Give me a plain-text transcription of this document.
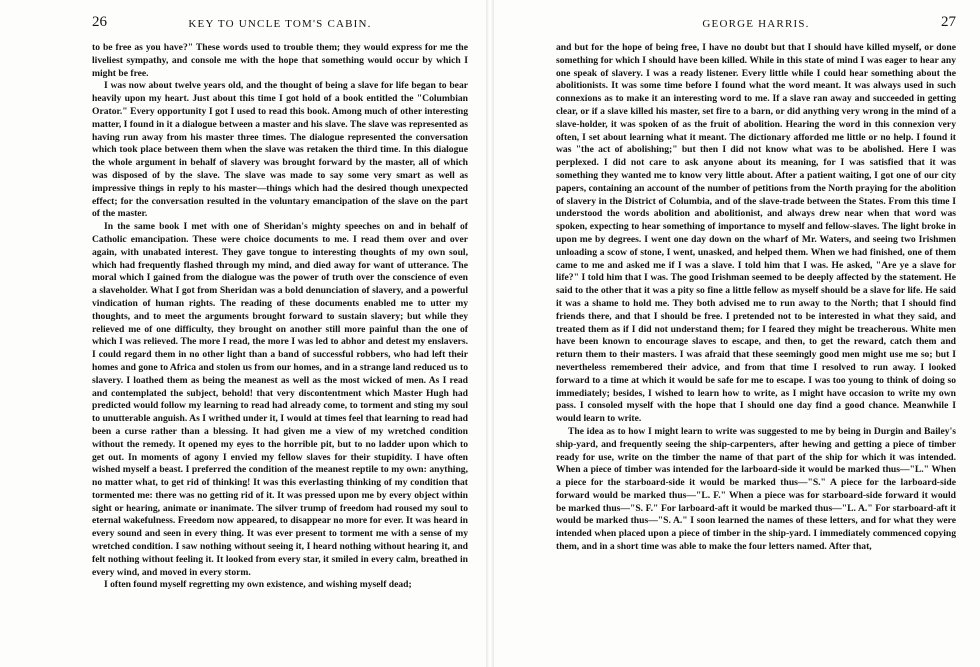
26	KEY TO UNCLE TOM'S CABIN.

to be free as you have?" These words used to trouble them; they would express for me the liveliest sympathy, and console me with the hope that something would occur by which I might be free.

I was now about twelve years old, and the thought of being a slave for life began to bear heavily upon my heart. Just about this time I got hold of a book entitled the "Columbian Orator." Every opportunity I got I used to read this book. Among much of other interesting matter, I found in it a dialogue between a master and his slave. The slave was represented as having run away from his master three times. The dialogue represented the conversation which took place between them when the slave was retaken the third time. In this dialogue the whole argument in behalf of slavery was brought forward by the master, all of which was disposed of by the slave. The slave was made to say some very smart as well as impressive things in reply to his master—things which had the desired though unexpected effect; for the conversation resulted in the voluntary emancipation of the slave on the part of the master.

In the same book I met with one of Sheridan's mighty speeches on and in behalf of Catholic emancipation. These were choice documents to me. I read them over and over again, with unabated interest. They gave tongue to interesting thoughts of my own soul, which had frequently flashed through my mind, and died away for want of utterance. The moral which I gained from the dialogue was the power of truth over the conscience of even a slaveholder. What I got from Sheridan was a bold denunciation of slavery, and a powerful vindication of human rights. The reading of these documents enabled me to utter my thoughts, and to meet the arguments brought forward to sustain slavery; but while they relieved me of one difficulty, they brought on another still more painful than the one of which I was relieved. The more I read, the more I was led to abhor and detest my enslavers. I could regard them in no other light than a band of successful robbers, who had left their homes and gone to Africa and stolen us from our homes, and in a strange land reduced us to slavery. I loathed them as being the meanest as well as the most wicked of men. As I read and contemplated the subject, behold! that very discontentment which Master Hugh had predicted would follow my learning to read had already come, to torment and sting my soul to unutterable anguish. As I writhed under it, I would at times feel that learning to read had been a curse rather than a blessing. It had given me a view of my wretched condition without the remedy. It opened my eyes to the horrible pit, but to no ladder upon which to get out. In moments of agony I envied my fellow slaves for their stupidity. I have often wished myself a beast. I preferred the condition of the meanest reptile to my own: anything, no matter what, to get rid of thinking! It was this everlasting thinking of my condition that tormented me: there was no getting rid of it. It was pressed upon me by every object within sight or hearing, animate or inanimate. The silver trump of freedom had roused my soul to eternal wakefulness. Freedom now appeared, to disappear no more for ever. It was heard in every sound and seen in every thing. It was ever present to torment me with a sense of my wretched condition. I saw nothing without seeing it, I heard nothing without hearing it, and felt nothing without feeling it. It looked from every star, it smiled in every calm, breathed in every wind, and moved in every storm.

I often found myself regretting my own existence, and wishing myself dead;

GEORGE HARRIS.	27

and but for the hope of being free, I have no doubt but that I should have killed myself, or done something for which I should have been killed. While in this state of mind I was eager to hear any one speak of slavery. I was a ready listener. Every little while I could hear something about the abolitionists. It was some time before I found what the word meant. It was always used in such connexions as to make it an interesting word to me. If a slave ran away and succeeded in getting clear, or if a slave killed his master, set fire to a barn, or did anything very wrong in the mind of a slave-holder, it was spoken of as the fruit of abolition. Hearing the word in this connexion very often, I set about learning what it meant. The dictionary afforded me little or no help. I found it was "the act of abolishing;" but then I did not know what was to be abolished. Here I was perplexed. I did not care to ask anyone about its meaning, for I was satisfied that it was something they wanted me to know very little about. After a patient waiting, I got one of our city papers, containing an account of the number of petitions from the North praying for the abolition of slavery in the District of Columbia, and of the slave-trade between the States. From this time I understood the words abolition and abolitionist, and always drew near when that word was spoken, expecting to hear something of importance to myself and fellow-slaves. The light broke in upon me by degrees. I went one day down on the wharf of Mr. Waters, and seeing two Irishmen unloading a scow of stone, I went, unasked, and helped them. When we had finished, one of them came to me and asked me if I was a slave. I told him that I was. He asked, "Are ye a slave for life?" I told him that I was. The good Irishman seemed to be deeply affected by the statement. He said to the other that it was a pity so fine a little fellow as myself should be a slave for life. He said it was a shame to hold me. They both advised me to run away to the North; that I should find friends there, and that I should be free. I pretended not to be interested in what they said, and treated them as if I did not understand them; for I feared they might be treacherous. White men have been known to encourage slaves to escape, and then, to get the reward, catch them and return them to their masters. I was afraid that these seemingly good men might use me so; but I nevertheless remembered their advice, and from that time I resolved to run away. I looked forward to a time at which it would be safe for me to escape. I was too young to think of doing so immediately; besides, I wished to learn how to write, as I might have occasion to write my own pass. I consoled myself with the hope that I should one day find a good chance. Meanwhile I would learn to write.

The idea as to how I might learn to write was suggested to me by being in Durgin and Bailey's ship-yard, and frequently seeing the ship-carpenters, after hewing and getting a piece of timber ready for use, write on the timber the name of that part of the ship for which it was intended. When a piece of timber was intended for the larboard-side it would be marked thus—"L." When a piece for the starboard-side it would be marked thus—"S." A piece for the larboard-side forward would be marked thus—"L. F." When a piece was for starboard-side forward it would be marked thus—"S. F." For larboard-aft it would be marked thus—"L. A." For starboard-aft it would be marked thus—"S. A." I soon learned the names of these letters, and for what they were intended when placed upon a piece of timber in the ship-yard. I immediately commenced copying them, and in a short time was able to make the four letters named. After that,
